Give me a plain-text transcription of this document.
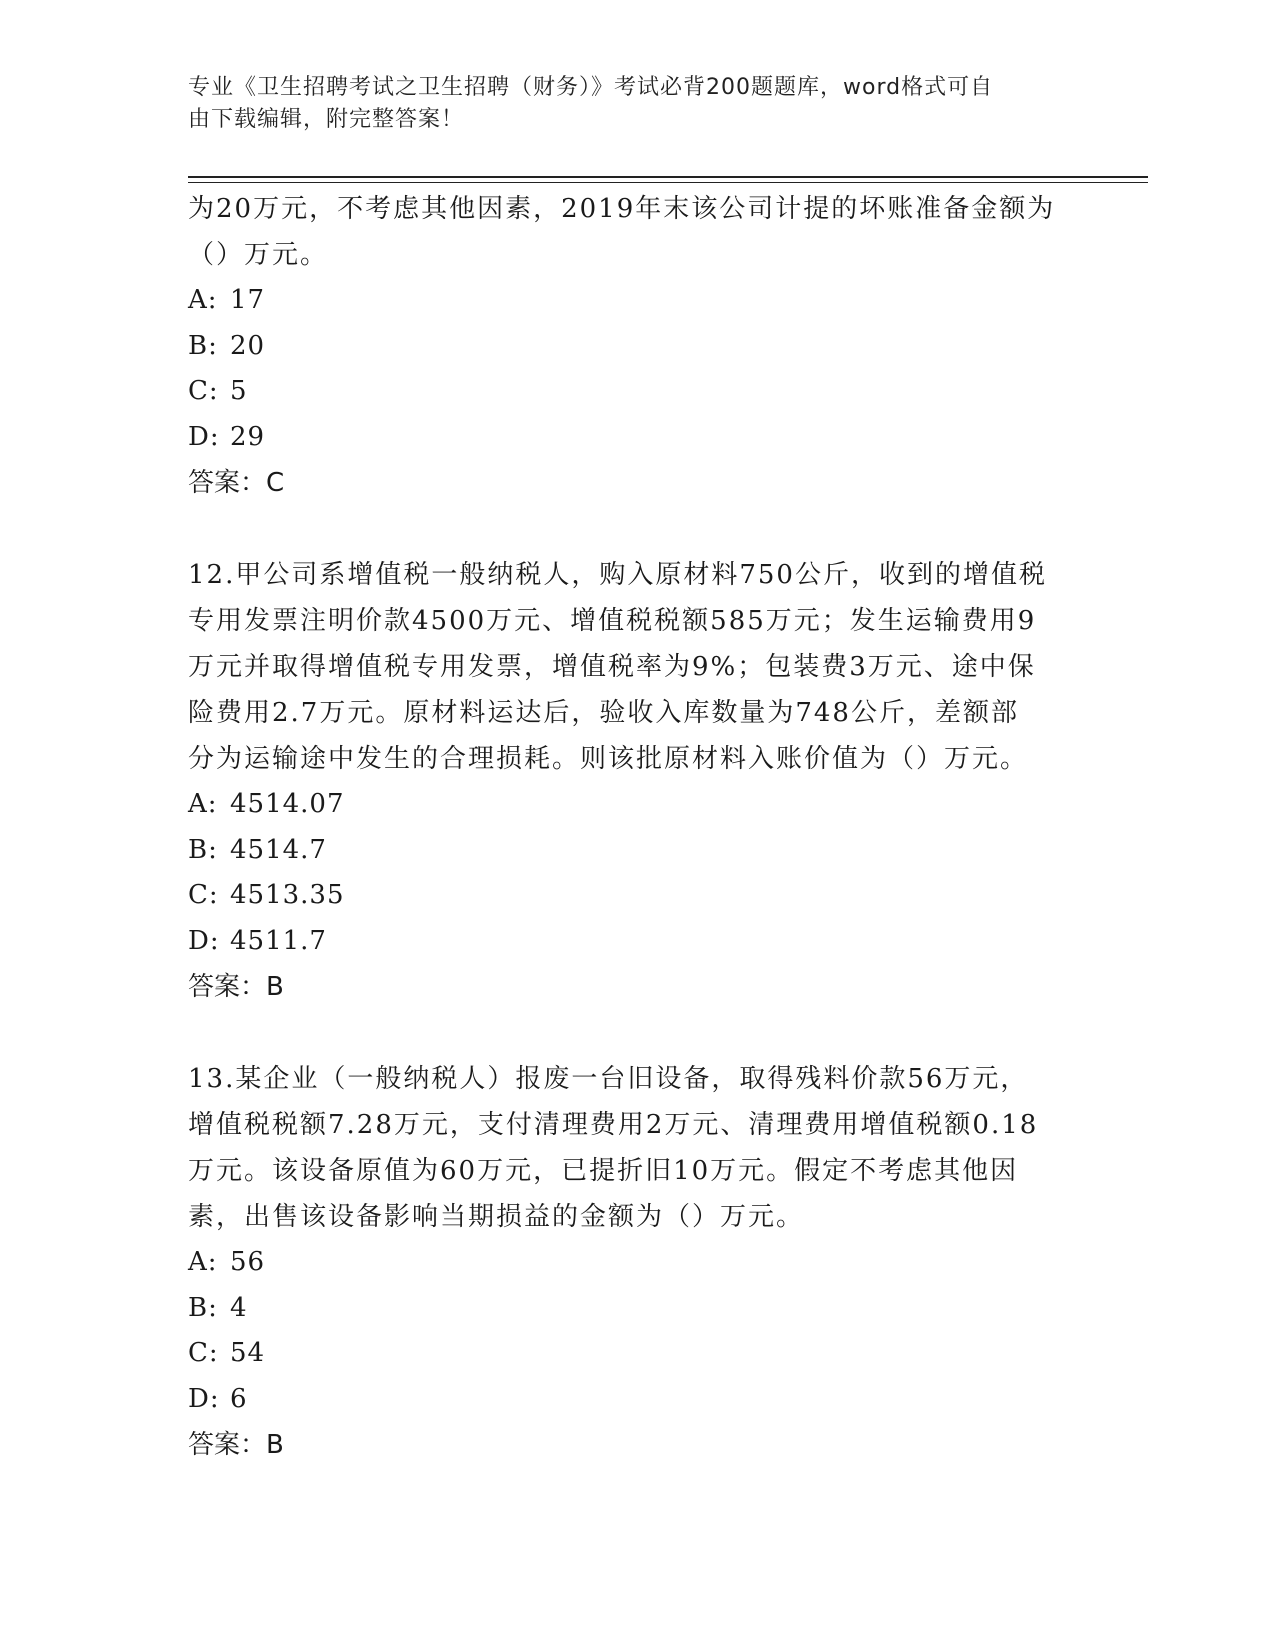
专业《卫生招聘考试之卫生招聘（财务）》考试必背200题题库，word格式可自
由下载编辑，附完整答案！

为20万元，不考虑其他因素，2019年末该公司计提的坏账准备金额为

（）万元。

A: 17

B: 20

C: 5

D: 29

答案：C

12.甲公司系增值税一般纳税人，购入原材料750公斤，收到的增值税

专用发票注明价款4500万元、增值税税额585万元；发生运输费用9

万元并取得增值税专用发票，增值税率为9%；包装费3万元、途中保

险费用2.7万元。原材料运达后，验收入库数量为748公斤，差额部

分为运输途中发生的合理损耗。则该批原材料入账价值为（）万元。

A: 4514.07

B: 4514.7

C: 4513.35

D: 4511.7

答案：B

13.某企业（一般纳税人）报废一台旧设备，取得残料价款56万元，

增值税税额7.28万元，支付清理费用2万元、清理费用增值税额0.18

万元。该设备原值为60万元，已提折旧10万元。假定不考虑其他因

素，出售该设备影响当期损益的金额为（）万元。

A: 56

B: 4

C: 54

D: 6

答案：B
